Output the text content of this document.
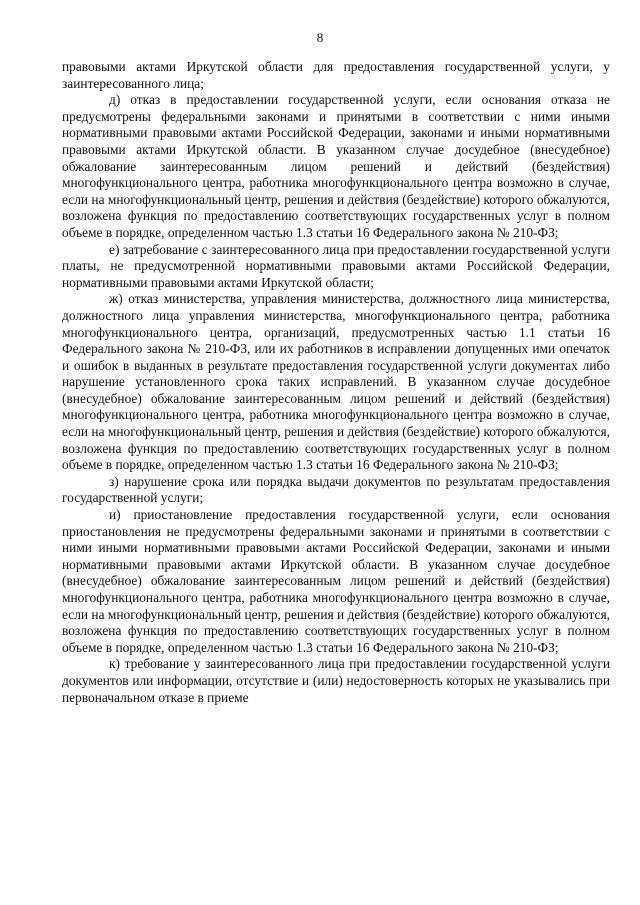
8

правовыми актами Иркутской области для предоставления государственной услуги, у заинтересованного лица;

д) отказ в предоставлении государственной услуги, если основания отказа не предусмотрены федеральными законами и принятыми в соответствии с ними иными нормативными правовыми актами Российской Федерации, законами и иными нормативными правовыми актами Иркутской области. В указанном случае досудебное (внесудебное) обжалование заинтересованным лицом решений и действий (бездействия) многофункционального центра, работника многофункционального центра возможно в случае, если на многофункциональный центр, решения и действия (бездействие) которого обжалуются, возложена функция по предоставлению соответствующих государственных услуг в полном объеме в порядке, определенном частью 1.3 статьи 16 Федерального закона № 210-ФЗ;

е) затребование с заинтересованного лица при предоставлении государственной услуги платы, не предусмотренной нормативными правовыми актами Российской Федерации, нормативными правовыми актами Иркутской области;

ж) отказ министерства, управления министерства, должностного лица министерства, должностного лица управления министерства, многофункционального центра, работника многофункционального центра, организаций, предусмотренных частью 1.1 статьи 16 Федерального закона № 210-ФЗ, или их работников в исправлении допущенных ими опечаток и ошибок в выданных в результате предоставления государственной услуги документах либо нарушение установленного срока таких исправлений. В указанном случае досудебное (внесудебное) обжалование заинтересованным лицом решений и действий (бездействия) многофункционального центра, работника многофункционального центра возможно в случае, если на многофункциональный центр, решения и действия (бездействие) которого обжалуются, возложена функция по предоставлению соответствующих государственных услуг в полном объеме в порядке, определенном частью 1.3 статьи 16 Федерального закона № 210-ФЗ;

з) нарушение срока или порядка выдачи документов по результатам предоставления государственной услуги;

и) приостановление предоставления государственной услуги, если основания приостановления не предусмотрены федеральными законами и принятыми в соответствии с ними иными нормативными правовыми актами Российской Федерации, законами и иными нормативными правовыми актами Иркутской области. В указанном случае досудебное (внесудебное) обжалование заинтересованным лицом решений и действий (бездействия) многофункционального центра, работника многофункционального центра возможно в случае, если на многофункциональный центр, решения и действия (бездействие) которого обжалуются, возложена функция по предоставлению соответствующих государственных услуг в полном объеме в порядке, определенном частью 1.3 статьи 16 Федерального закона № 210-ФЗ;

к) требование у заинтересованного лица при предоставлении государственной услуги документов или информации, отсутствие и (или) недостоверность которых не указывались при первоначальном отказе в приеме
